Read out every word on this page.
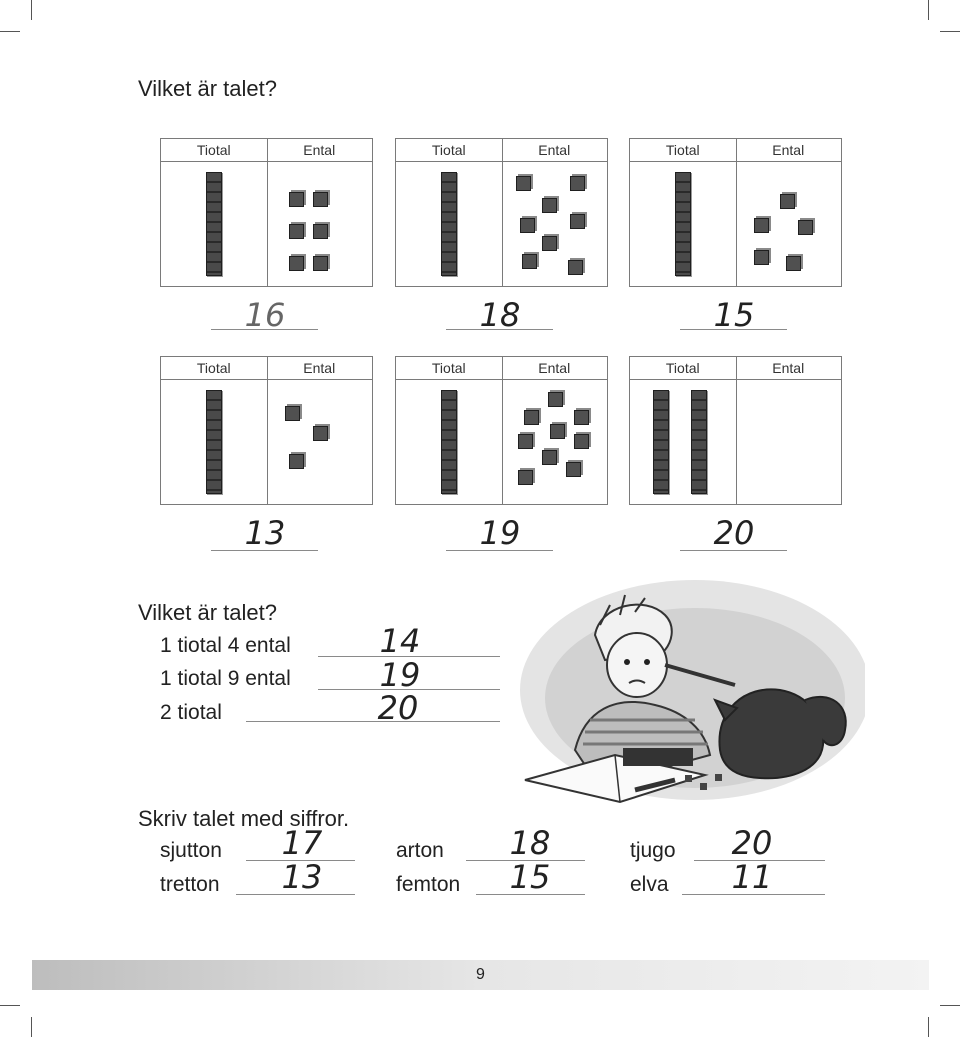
Vilket är talet?
Tiotal	Ental
16
Tiotal	Ental
18
Tiotal	Ental
15
Tiotal	Ental
13
Tiotal	Ental
19
Tiotal	Ental
20
Vilket är talet?
1 tiotal 4 ental	14
1 tiotal 9 ental	19
2 tiotal	20
Skriv talet med siffror.
sjutton	17	arton	18	tjugo	20
tretton	13	femton	15	elva	11
9
